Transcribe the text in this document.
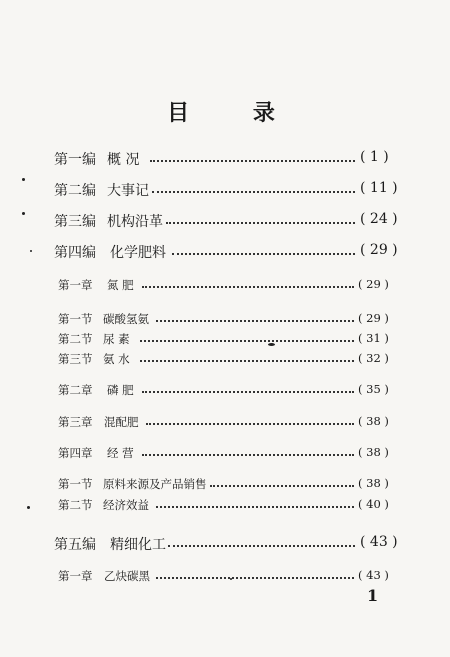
目 录
第一编 概 况	( 1 )
第二编 大事记	( 11 )
第三编 机构沿革	( 24 )
第四编 化学肥料	( 29 )
第一章 氮 肥	( 29 )
第一节 碳酸氢氨	( 29 )
第二节 尿 素	( 31 )
第三节 氨 水	( 32 )
第二章 磷 肥	( 35 )
第三章 混配肥	( 38 )
第四章 经 营	( 38 )
第一节 原料来源及产品销售	( 38 )
第二节 经济效益	( 40 )
第五编 精细化工	( 43 )
第一章 乙炔碳黑	( 43 )
1
